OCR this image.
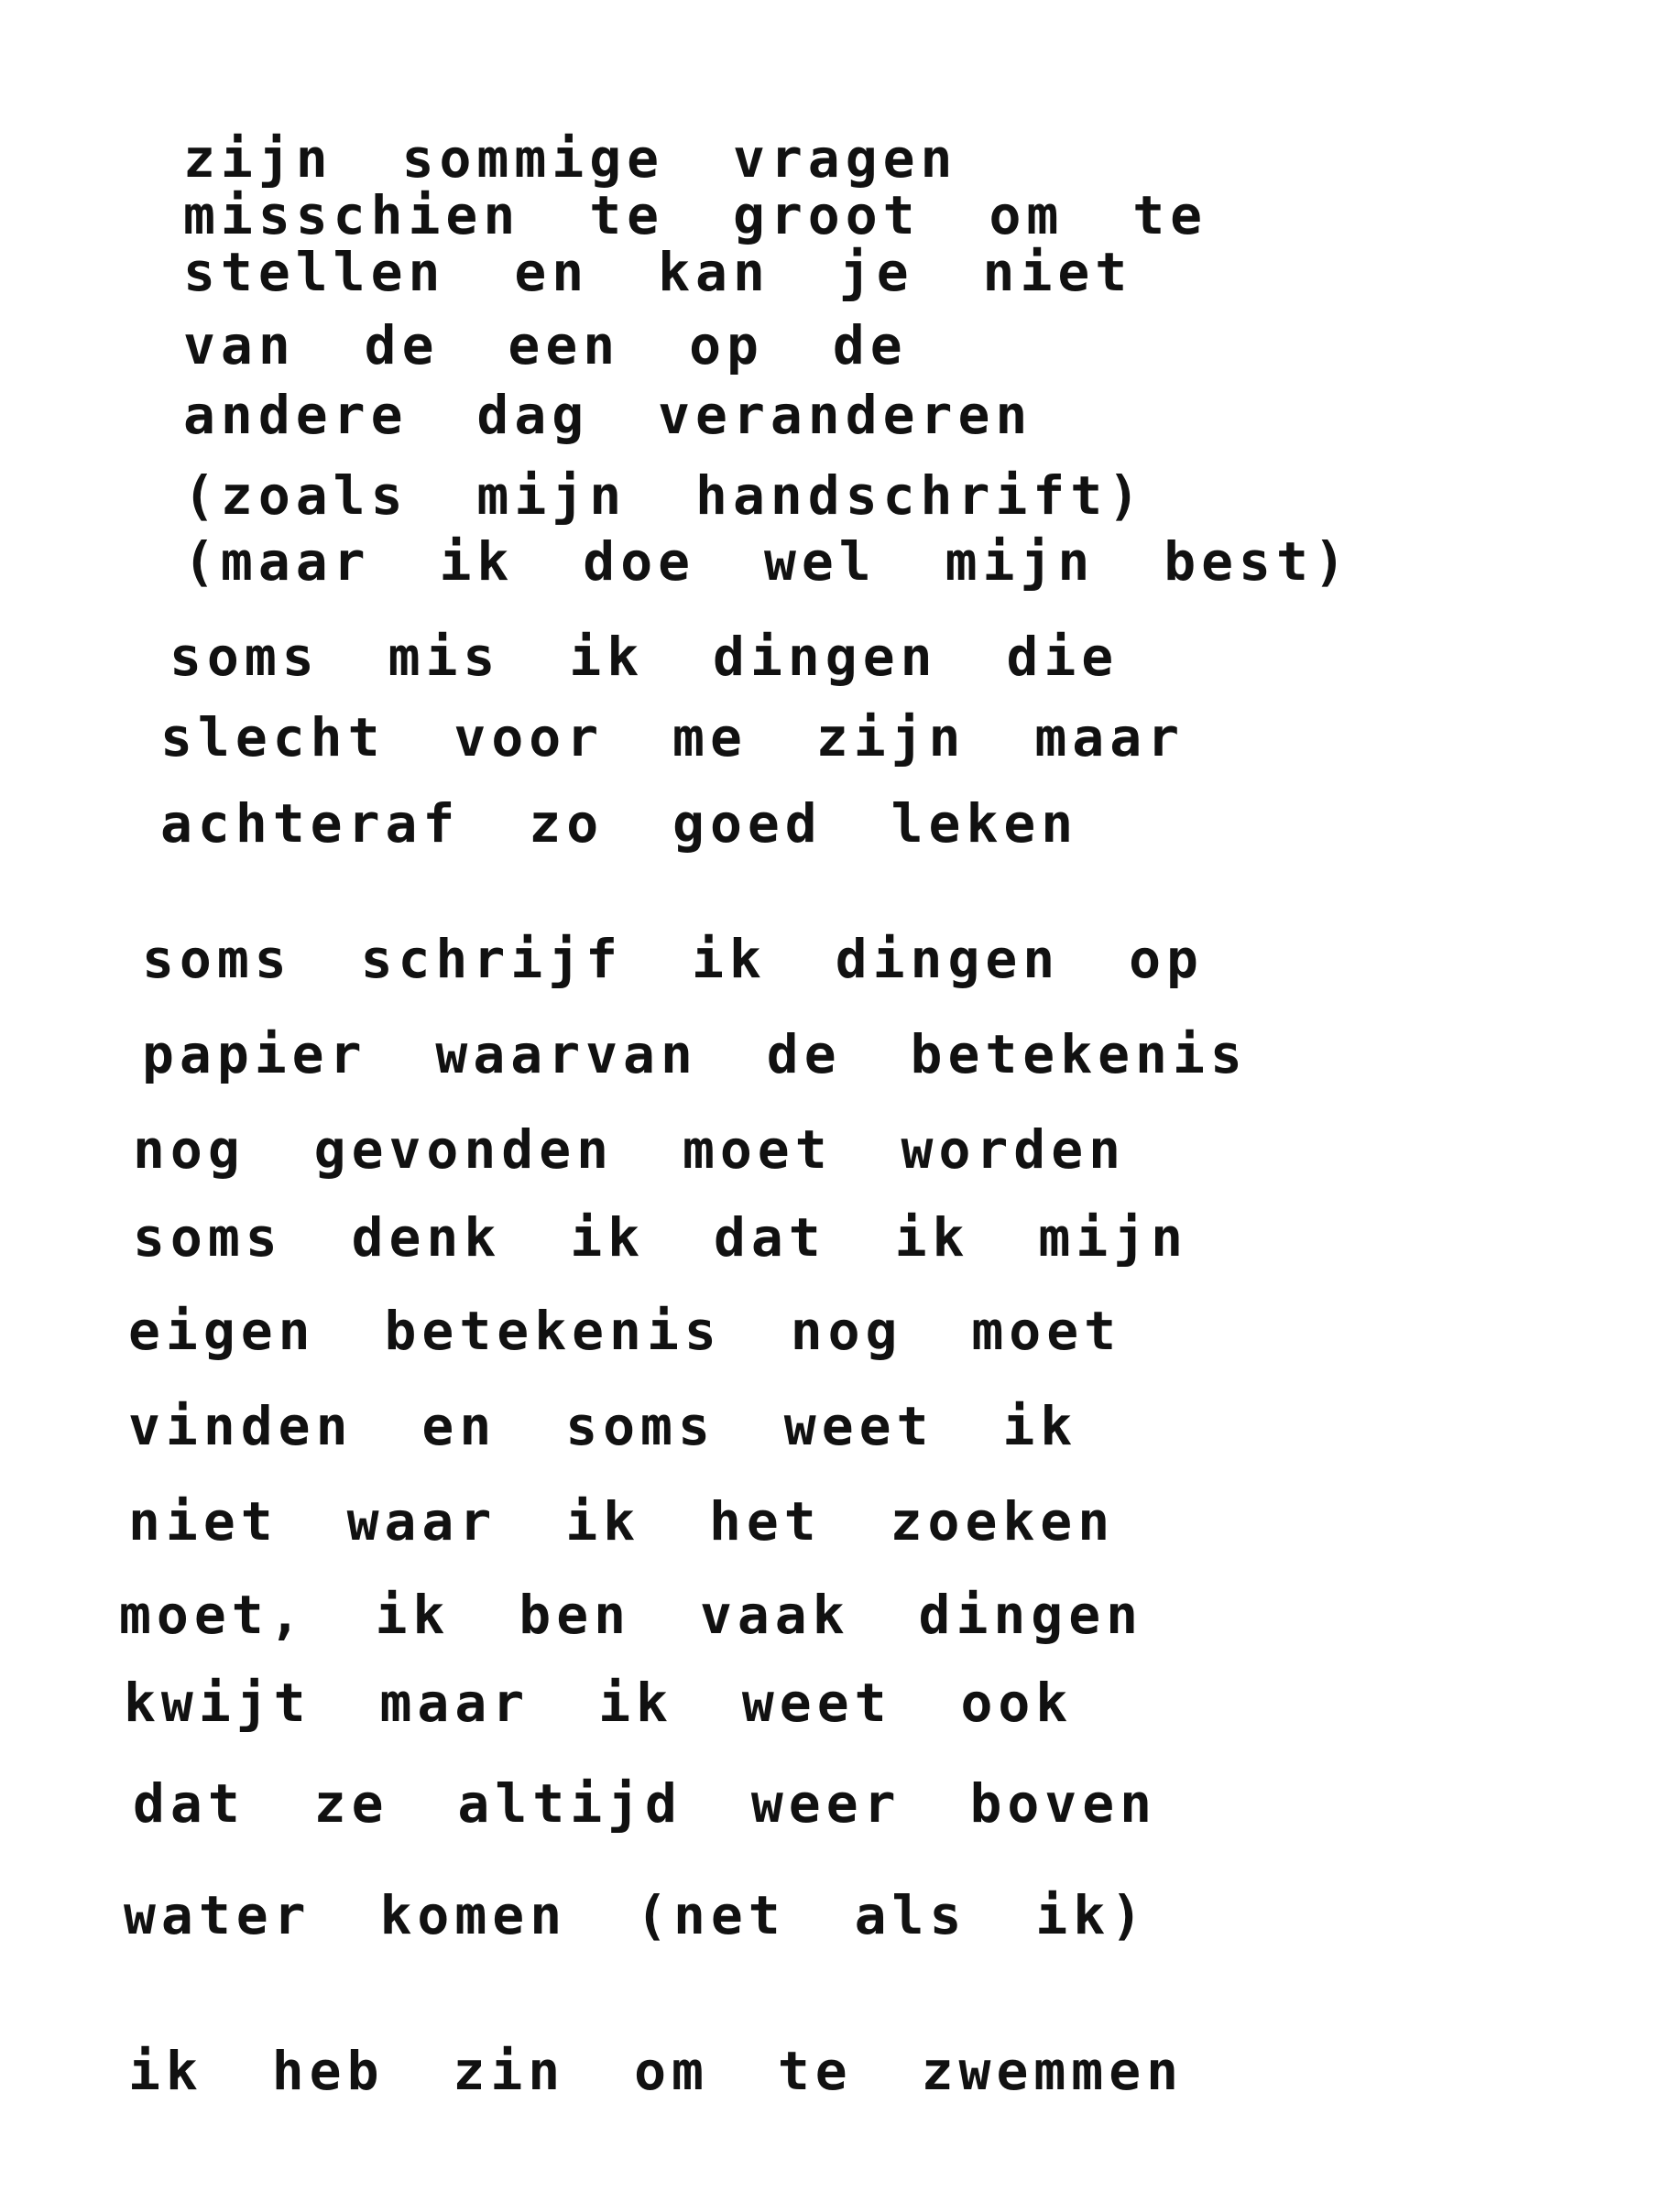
zijn sommige vragen

misschien te groot om te

stellen en kan je niet

van de een op de

andere dag veranderen

(zoals mijn handschrift)

(maar ik doe wel mijn best)

soms mis ik dingen die

slecht voor me zijn maar

achteraf zo goed leken

soms schrijf ik dingen op

papier waarvan de betekenis

nog gevonden moet worden

soms denk ik dat ik mijn

eigen betekenis nog moet

vinden en soms weet ik

niet waar ik het zoeken

moet, ik ben vaak dingen

kwijt maar ik weet ook

dat ze altijd weer boven

water komen (net als ik)

ik heb zin om te zwemmen
